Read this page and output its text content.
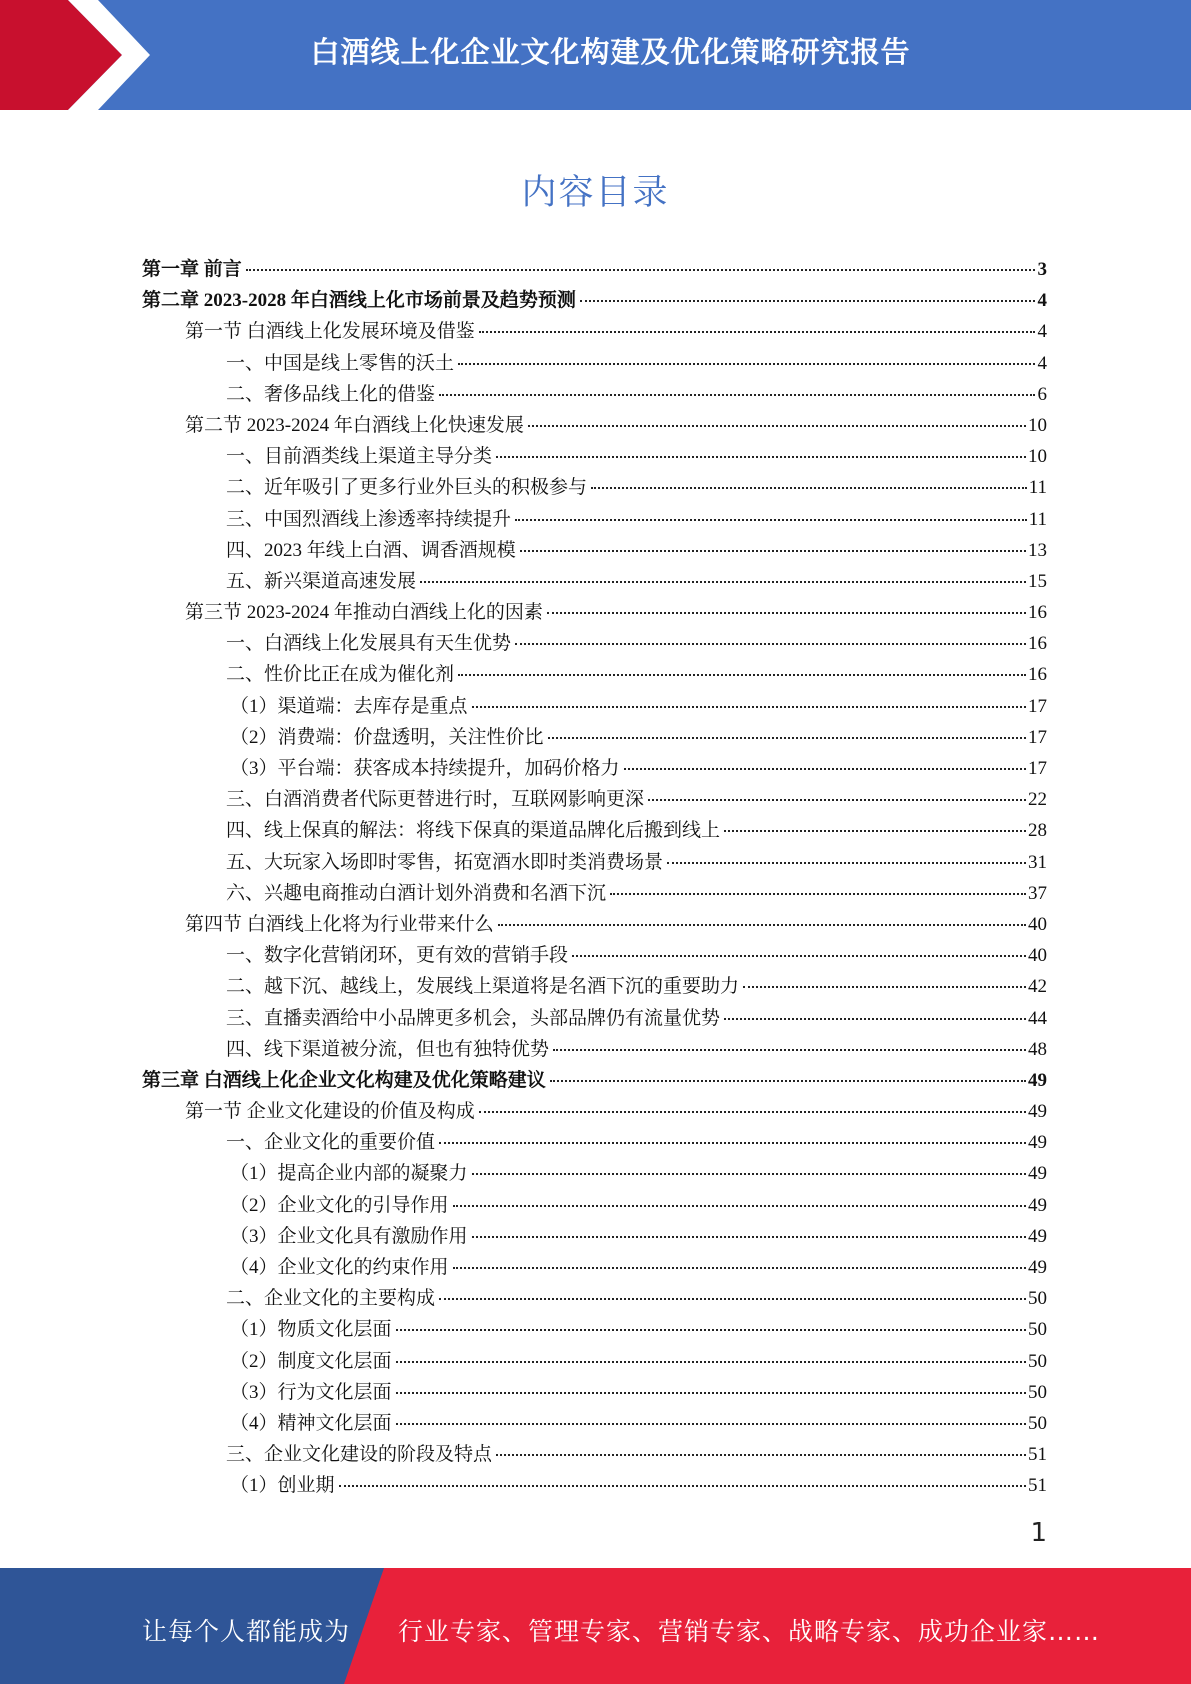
白酒线上化企业文化构建及优化策略研究报告
内容目录
第一章 前言	3
第二章 2023-2028 年白酒线上化市场前景及趋势预测	4
第一节 白酒线上化发展环境及借鉴	4
一、中国是线上零售的沃土	4
二、奢侈品线上化的借鉴	6
第二节 2023-2024 年白酒线上化快速发展	10
一、目前酒类线上渠道主导分类	10
二、近年吸引了更多行业外巨头的积极参与	11
三、中国烈酒线上渗透率持续提升	11
四、2023 年线上白酒、调香酒规模	13
五、新兴渠道高速发展	15
第三节 2023-2024 年推动白酒线上化的因素	16
一、白酒线上化发展具有天生优势	16
二、性价比正在成为催化剂	16
（1）渠道端：去库存是重点	17
（2）消费端：价盘透明，关注性价比	17
（3）平台端：获客成本持续提升，加码价格力	17
三、白酒消费者代际更替进行时，互联网影响更深	22
四、线上保真的解法：将线下保真的渠道品牌化后搬到线上	28
五、大玩家入场即时零售，拓宽酒水即时类消费场景	31
六、兴趣电商推动白酒计划外消费和名酒下沉	37
第四节 白酒线上化将为行业带来什么	40
一、数字化营销闭环，更有效的营销手段	40
二、越下沉、越线上，发展线上渠道将是名酒下沉的重要助力	42
三、直播卖酒给中小品牌更多机会，头部品牌仍有流量优势	44
四、线下渠道被分流，但也有独特优势	48
第三章 白酒线上化企业文化构建及优化策略建议	49
第一节 企业文化建设的价值及构成	49
一、企业文化的重要价值	49
（1）提高企业内部的凝聚力	49
（2）企业文化的引导作用	49
（3）企业文化具有激励作用	49
（4）企业文化的约束作用	49
二、企业文化的主要构成	50
（1）物质文化层面	50
（2）制度文化层面	50
（3）行为文化层面	50
（4）精神文化层面	50
三、企业文化建设的阶段及特点	51
（1）创业期	51
1
让每个人都能成为 行业专家、管理专家、营销专家、战略专家、成功企业家……
